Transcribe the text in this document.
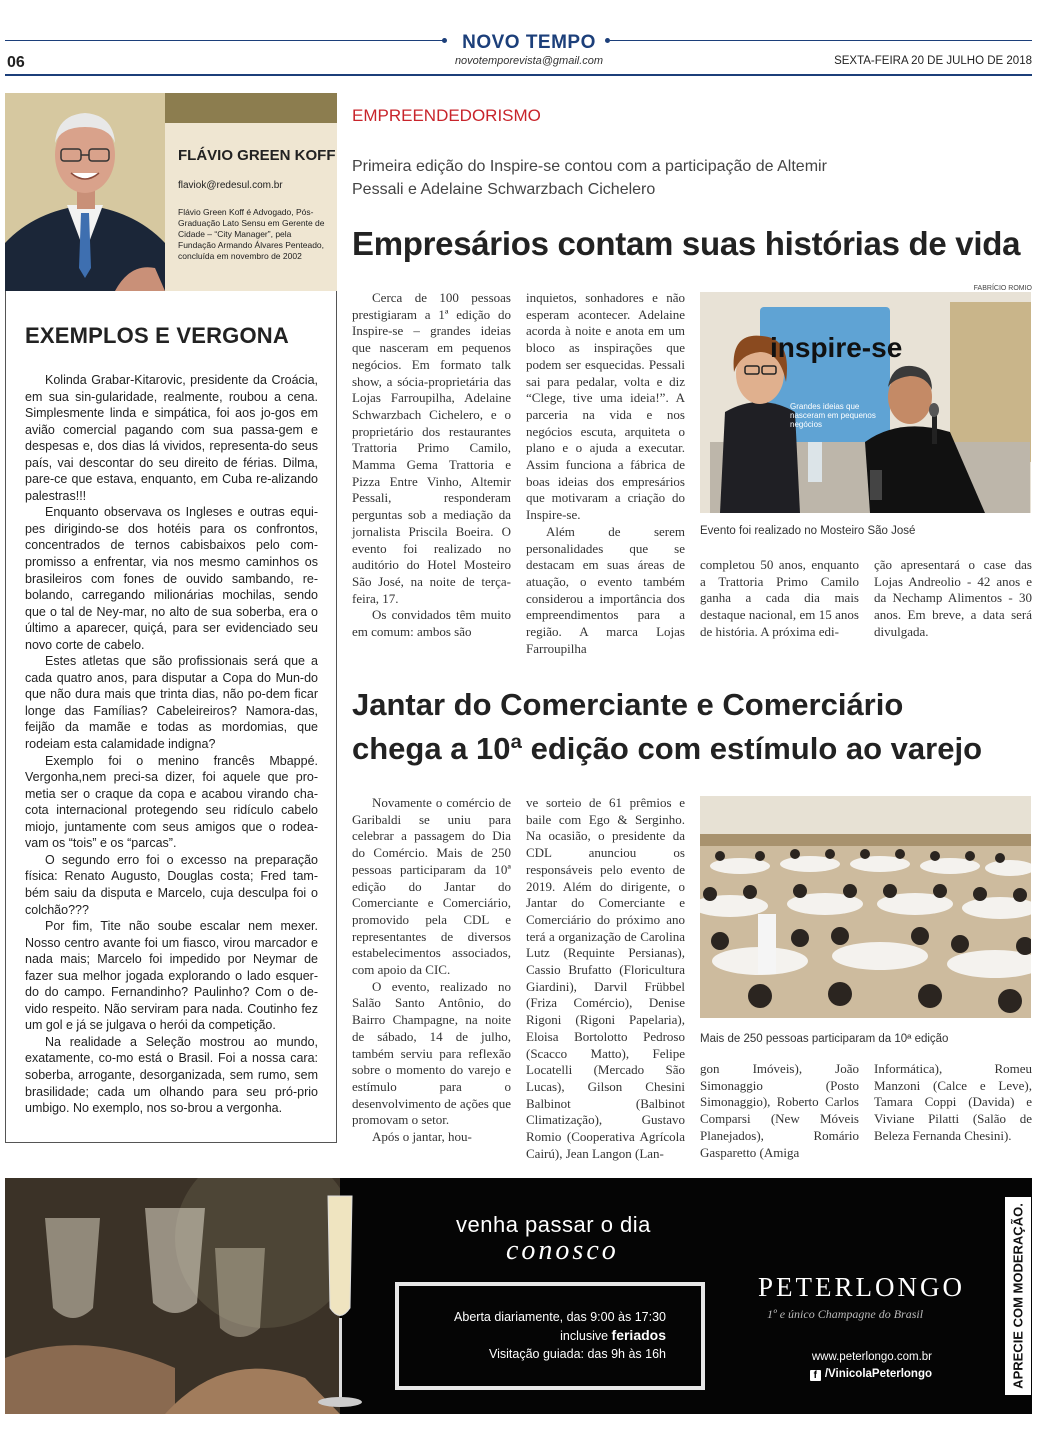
NOVO TEMPO
novotemporevista@gmail.com
06	SEXTA-FEIRA 20 DE JULHO DE 2018
FLÁVIO GREEN KOFF
flaviok@redesul.com.br
Flávio Green Koff é Advogado, Pós-Graduação Lato Sensu em Gerente de Cidade – “City Manager”, pela Fundação Armando Álvares Penteado, concluída em novembro de 2002
EXEMPLOS E VERGONA

Kolinda Grabar-Kitarovic, presidente da Croácia, em sua sin-gularidade, realmente, roubou a cena. Simplesmente linda e simpática, foi aos jo-gos em avião comercial pagando com sua passa-gem e despesas e, dos dias lá vividos, representa-do seus país, vai descontar do seu direito de férias. Dilma, pare-ce que estava, enquanto, em Cuba re-alizando palestras!!!

Enquanto observava os Ingleses e outras equi-pes dirigindo-se dos hotéis para os confrontos, concentrados de ternos cabisbaixos pelo com-promisso a enfrentar, via nos mesmo caminhos os brasileiros com fones de ouvido sambando, re-bolando, carregando milionárias mochilas, sendo que o tal de Ney-mar, no alto de sua soberba, era o último a aparecer, quiçá, para ser evidenciado seu novo corte de cabelo.

Estes atletas que são profissionais será que a cada quatro anos, para disputar a Copa do Mun-do que não dura mais que trinta dias, não po-dem ficar longe das Famílias? Cabeleireiros? Namora-das, feijão da mamãe e todas as mordomias, que rodeiam esta calamidade indigna?

Exemplo foi o menino francês Mbappé. Vergonha,nem preci-sa dizer, foi aquele que pro-metia ser o craque da copa e acabou virando cha-cota internacional protegendo seu ridículo cabelo miojo, juntamente com seus amigos que o rodea-vam os “tois” e os “parcas”.

O segundo erro foi o excesso na preparação física: Renato Augusto, Douglas costa; Fred tam-bém saiu da disputa e Marcelo, cuja desculpa foi o colchão???

Por fim, Tite não soube escalar nem mexer. Nosso centro avante foi um fiasco, virou marcador e nada mais; Marcelo foi impedido por Neymar de fazer sua melhor jogada explorando o lado esquer-do do campo. Fernandinho? Paulinho? Com o de-vido respeito. Não serviram para nada. Coutinho fez um gol e já se julgava o herói da competição.

Na realidade a Seleção mostrou ao mundo, exatamente, co-mo está o Brasil. Foi a nossa cara: soberba, arrogante, desorganizada, sem rumo, sem brasilidade; cada um olhando para seu pró-prio umbigo. No exemplo, nos so-brou a vergonha.

EMPREENDEDORISMO
Primeira edição do Inspire-se contou com a participação de Altemir Pessali e Adelaine Schwarzbach Cichelero
Empresários contam suas histórias de vida
FABRÍCIO ROMIO

Cerca de 100 pessoas prestigiaram a 1ª edição do Inspire-se – grandes ideias que nasceram em pequenos negócios. Em formato talk show, a sócia-proprietária das Lojas Farroupilha, Adelaine Schwarzbach Cichelero, e o proprietário dos restaurantes Trattoria Primo Camilo, Mamma Gema Trattoria e Pizza Entre Vinho, Altemir Pessali, responderam perguntas sob a mediação da jornalista Priscila Boeira. O evento foi realizado no auditório do Hotel Mosteiro São José, na noite de terça-feira, 17.

Os convidados têm muito em comum: ambos são

inquietos, sonhadores e não esperam acontecer. Adelaine acorda à noite e anota em um bloco as inspirações que podem ser esquecidas. Pessali sai para pedalar, volta e diz “Clege, tive uma ideia!”. A parceria na vida e nos negócios escuta, arquiteta o plano e o ajuda a executar. Assim funciona a fábrica de boas ideias dos empresários que motivaram a criação do Inspire-se.

Além de serem personalidades que se destacam em suas áreas de atuação, o evento também considerou a importância dos empreendimentos para a região. A marca Lojas Farroupilha

inspire-se
Grandes ideias que nasceram em pequenos negócios
Evento foi realizado no Mosteiro São José

completou 50 anos, enquanto a Trattoria Primo Camilo ganha a cada dia mais destaque nacional, em 15 anos de história. A próxima edi-

ção apresentará o case das Lojas Andreolio - 42 anos e da Nechamp Alimentos - 30 anos. Em breve, a data será divulgada.

Jantar do Comerciante e Comerciário
chega a 10ª edição com estímulo ao varejo

Novamente o comércio de Garibaldi se uniu para celebrar a passagem do Dia do Comércio. Mais de 250 pessoas participaram da 10ª edição do Jantar do Comerciante e Comerciário, promovido pela CDL e representantes de diversos estabelecimentos associados, com apoio da CIC.

O evento, realizado no Salão Santo Antônio, do Bairro Champagne, na noite de sábado, 14 de julho, também serviu para reflexão sobre o momento do varejo e estímulo para o desenvolvimento de ações que promovam o setor.

Após o jantar, hou-

ve sorteio de 61 prêmios e baile com Ego & Serginho. Na ocasião, o presidente da CDL anunciou os responsáveis pelo evento de 2019. Além do dirigente, o Jantar do Comerciante e Comerciário do próximo ano terá a organização de Carolina Lutz (Requinte Persianas), Cassio Brufatto (Floricultura Giardini), Darvil Frübbel (Friza Comércio), Denise Rigoni (Rigoni Papelaria), Eloisa Bortolotto Pedroso (Scacco Matto), Felipe Locatelli (Mercado São Lucas), Gilson Chesini Balbinot (Balbinot Climatização), Gustavo Romio (Cooperativa Agrícola Cairú), Jean Langon (Lan-

Mais de 250 pessoas participaram da 10ª edição

gon Imóveis), João Simonaggio (Posto Simonaggio), Roberto Carlos Comparsi (New Móveis Planejados), Romário Gasparetto (Amiga

Informática), Romeu Manzoni (Calce e Leve), Tamara Coppi (Davida) e Viviane Pilatti (Salão de Beleza Fernanda Chesini).

venha passar o dia
conosco
Aberta diariamente, das 9:00 às 17:30
inclusive feriados
Visitação guiada: das 9h às 16h
PETERLONGO
1º e único Champagne do Brasil
www.peterlongo.com.br
f /VinicolaPeterlongo	APRECIE COM MODERAÇÃO.
